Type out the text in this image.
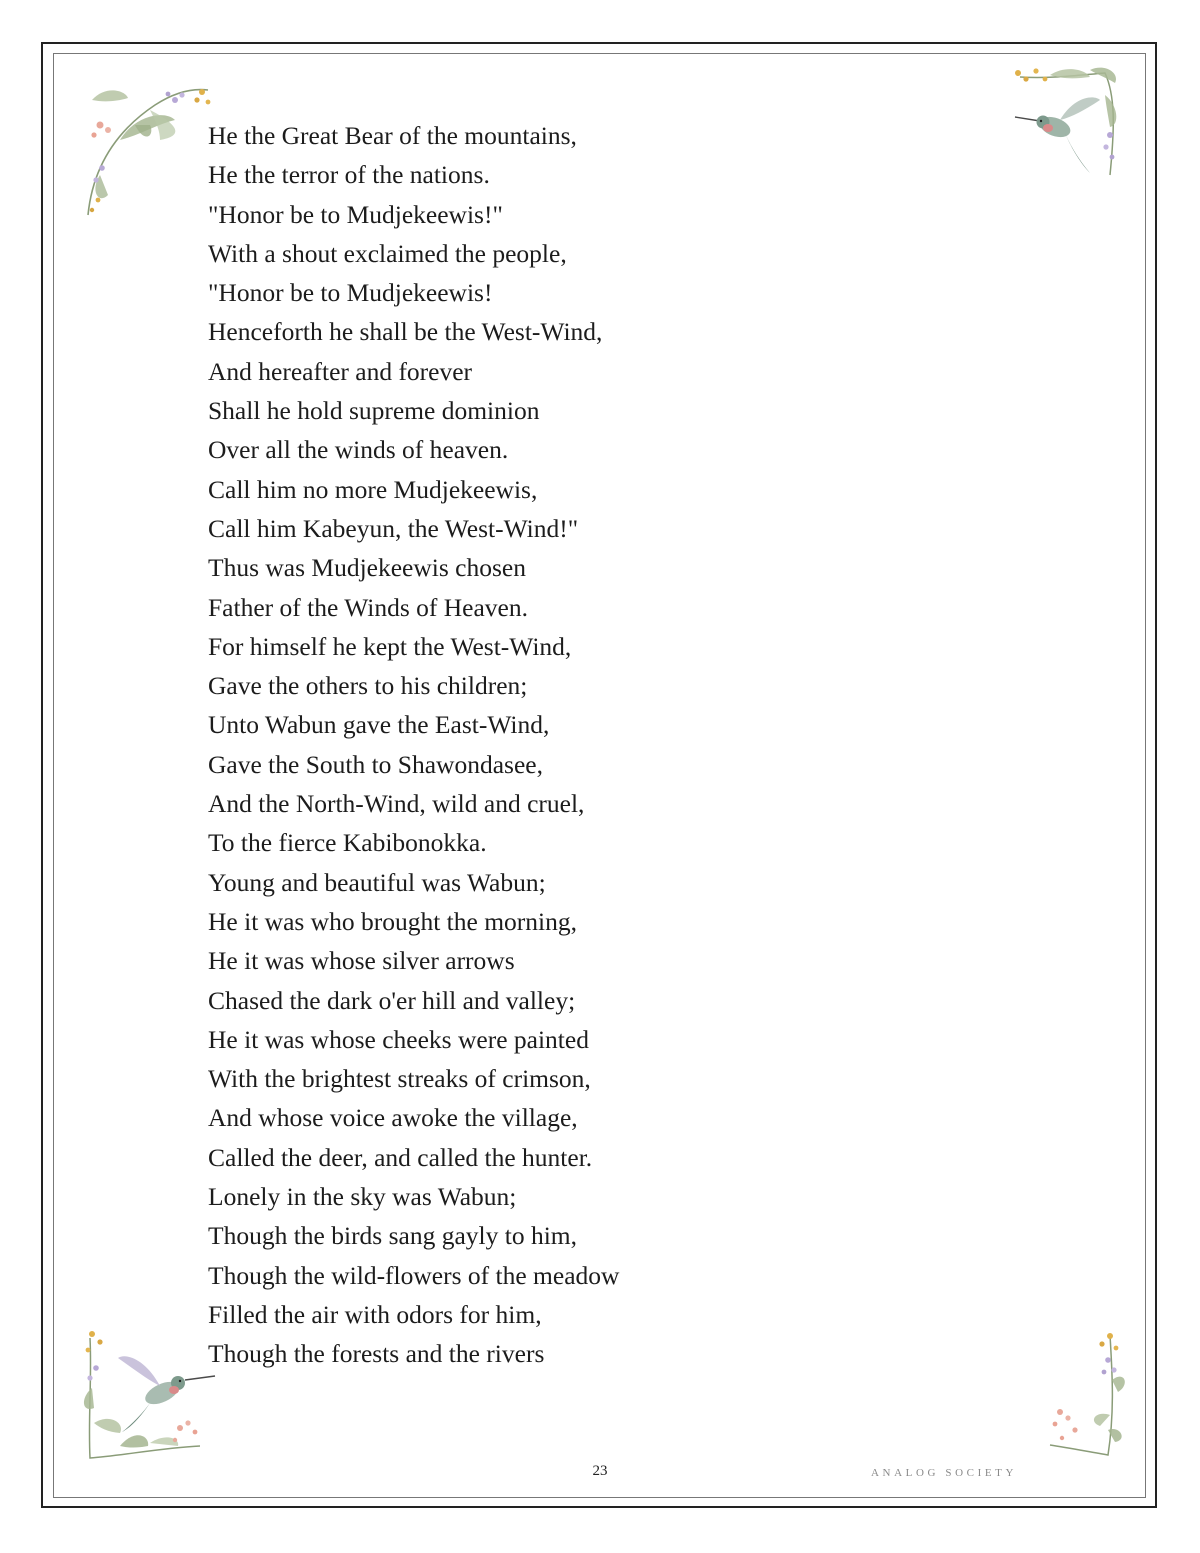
He the Great Bear of the mountains,
He the terror of the nations.
"Honor be to Mudjekeewis!"
With a shout exclaimed the people,
"Honor be to Mudjekeewis!
Henceforth he shall be the West-Wind,
And hereafter and forever
Shall he hold supreme dominion
Over all the winds of heaven.
Call him no more Mudjekeewis,
Call him Kabeyun, the West-Wind!"
Thus was Mudjekeewis chosen
Father of the Winds of Heaven.
For himself he kept the West-Wind,
Gave the others to his children;
Unto Wabun gave the East-Wind,
Gave the South to Shawondasee,
And the North-Wind, wild and cruel,
To the fierce Kabibonokka.
Young and beautiful was Wabun;
He it was who brought the morning,
He it was whose silver arrows
Chased the dark o'er hill and valley;
He it was whose cheeks were painted
With the brightest streaks of crimson,
And whose voice awoke the village,
Called the deer, and called the hunter.
Lonely in the sky was Wabun;
Though the birds sang gayly to him,
Though the wild-flowers of the meadow
Filled the air with odors for him,
Though the forests and the rivers
23	ANALOG SOCIETY
